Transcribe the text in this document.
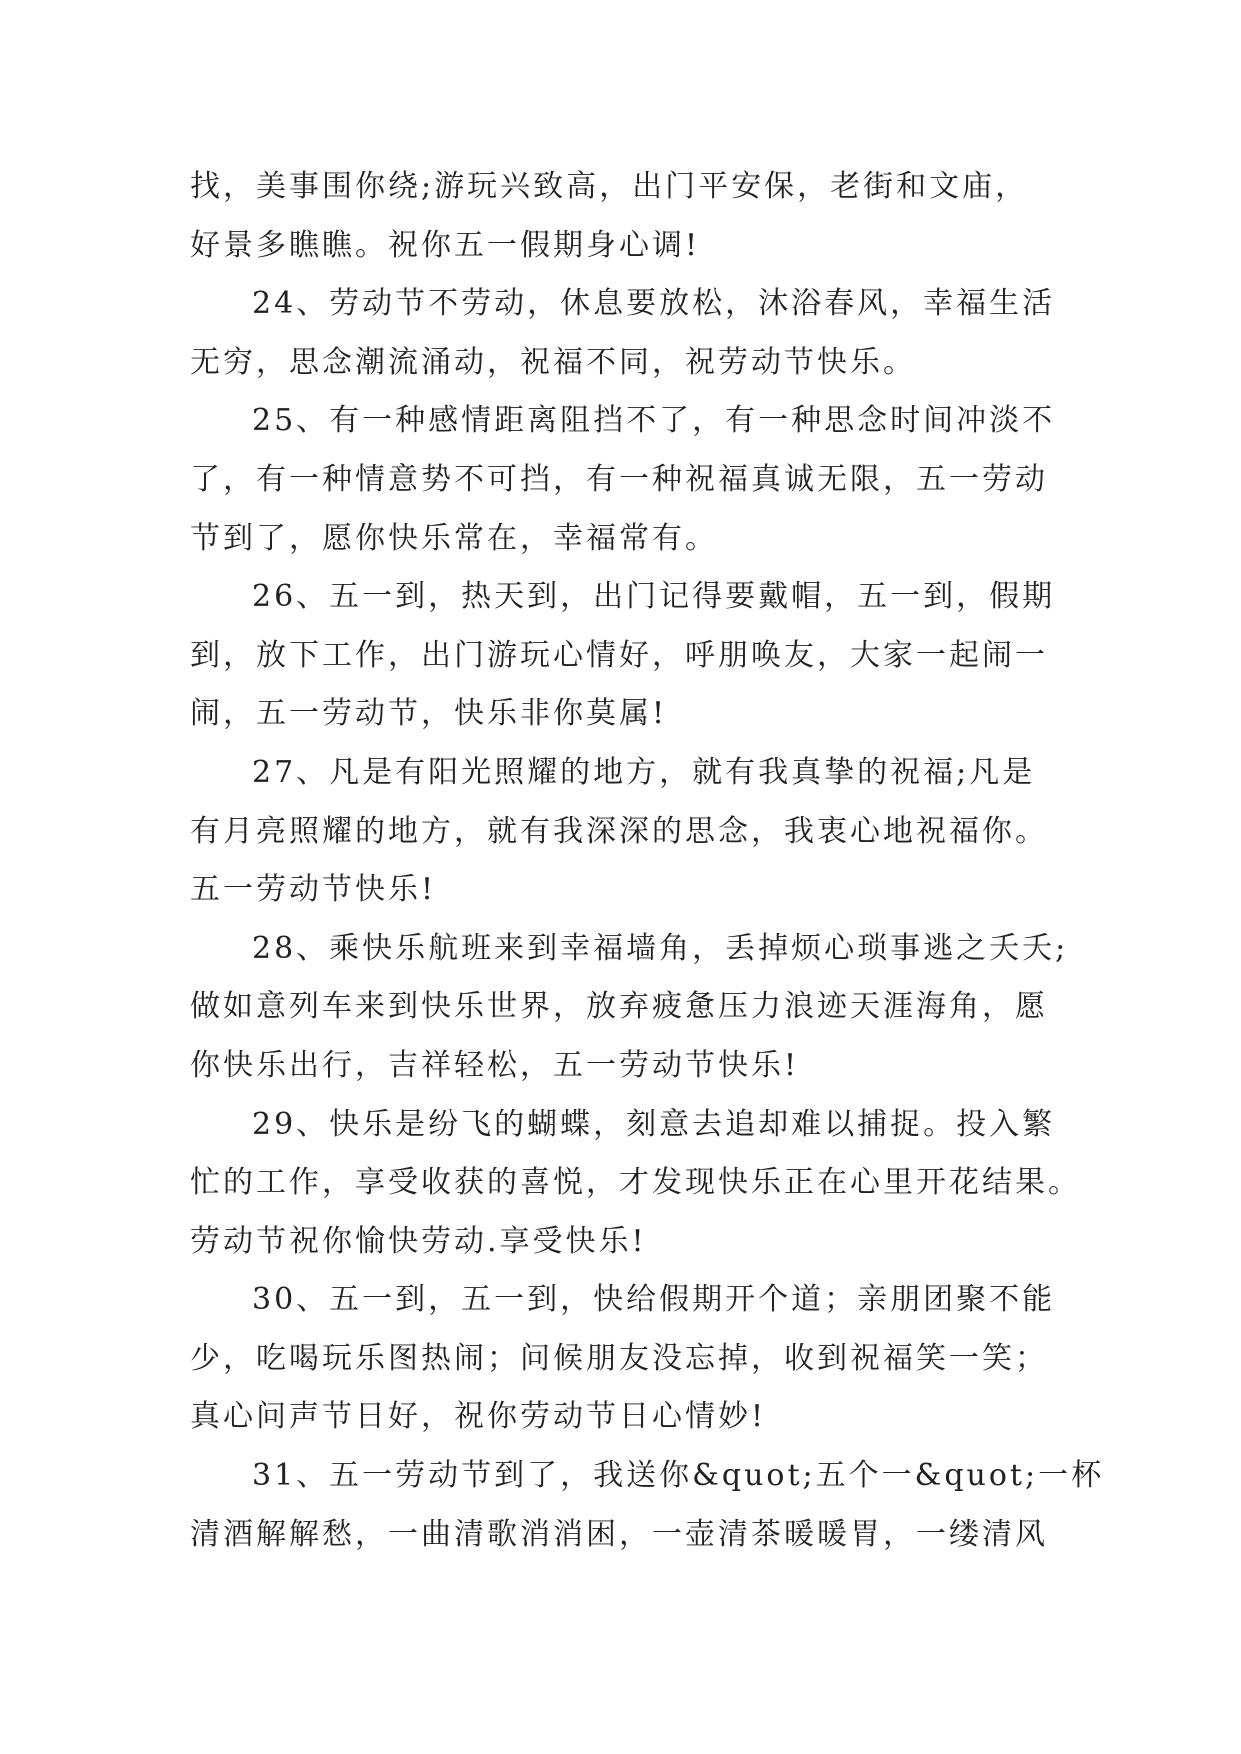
找，美事围你绕;游玩兴致高，出门平安保，老街和文庙，
好景多瞧瞧。祝你五一假期身心调!
24、劳动节不劳动，休息要放松，沐浴春风，幸福生活
无穷，思念潮流涌动，祝福不同，祝劳动节快乐。
25、有一种感情距离阻挡不了，有一种思念时间冲淡不
了，有一种情意势不可挡，有一种祝福真诚无限，五一劳动
节到了，愿你快乐常在，幸福常有。
26、五一到，热天到，出门记得要戴帽，五一到，假期
到，放下工作，出门游玩心情好，呼朋唤友，大家一起闹一
闹，五一劳动节，快乐非你莫属!
27、凡是有阳光照耀的地方，就有我真挚的祝福;凡是
有月亮照耀的地方，就有我深深的思念，我衷心地祝福你。
五一劳动节快乐!
28、乘快乐航班来到幸福墙角，丢掉烦心琐事逃之夭夭;
做如意列车来到快乐世界，放弃疲惫压力浪迹天涯海角，愿
你快乐出行，吉祥轻松，五一劳动节快乐!
29、快乐是纷飞的蝴蝶，刻意去追却难以捕捉。投入繁
忙的工作，享受收获的喜悦，才发现快乐正在心里开花结果。
劳动节祝你愉快劳动.享受快乐!
30、五一到，五一到，快给假期开个道；亲朋团聚不能
少，吃喝玩乐图热闹；问候朋友没忘掉，收到祝福笑一笑；
真心问声节日好，祝你劳动节日心情妙!
31、五一劳动节到了，我送你&quot;五个一&quot;一杯
清酒解解愁，一曲清歌消消困，一壶清茶暖暖胃，一缕清风
